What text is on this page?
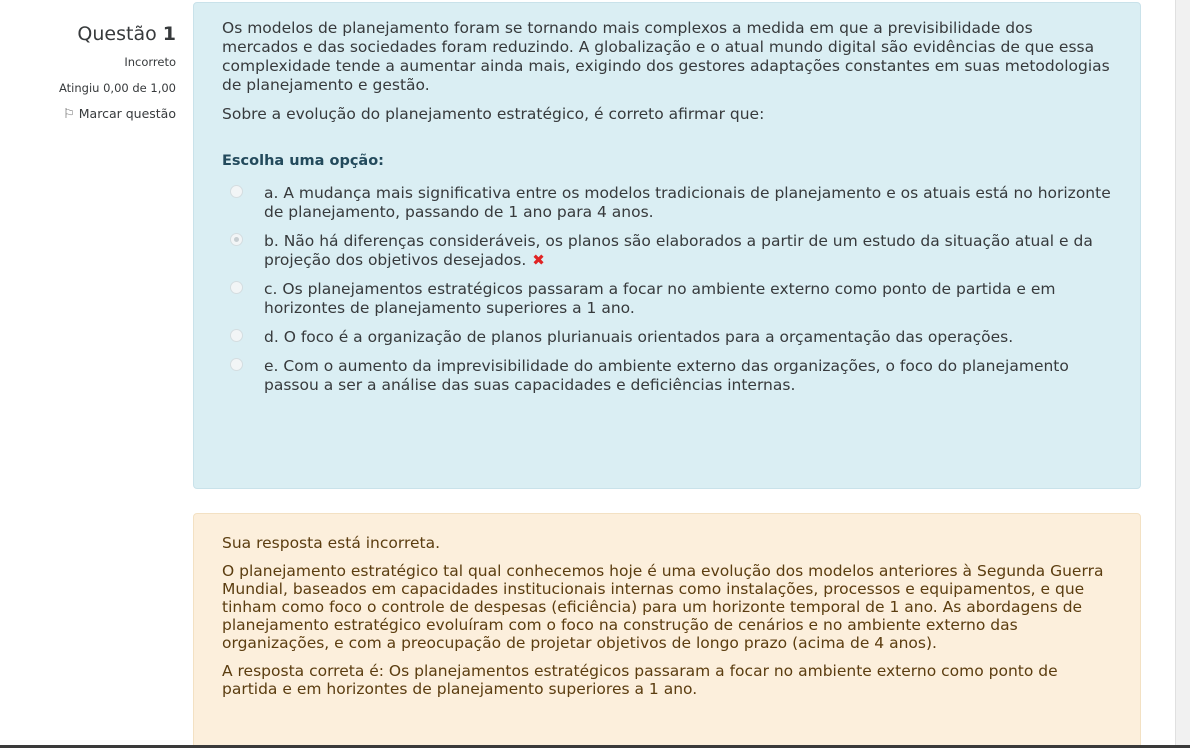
Questão 1
Incorreto
Atingiu 0,00 de 1,00
⚐ Marcar questão

Os modelos de planejamento foram se tornando mais complexos a medida em que a previsibilidade dos mercados e das sociedades foram reduzindo. A globalização e o atual mundo digital são evidências de que essa complexidade tende a aumentar ainda mais, exigindo dos gestores adaptações constantes em suas metodologias de planejamento e gestão.

Sobre a evolução do planejamento estratégico, é correto afirmar que:

Escolha uma opção:
a. A mudança mais significativa entre os modelos tradicionais de planejamento e os atuais está no horizonte de planejamento, passando de 1 ano para 4 anos.
b. Não há diferenças consideráveis, os planos são elaborados a partir de um estudo da situação atual e da projeção dos objetivos desejados. ✖
c. Os planejamentos estratégicos passaram a focar no ambiente externo como ponto de partida e em horizontes de planejamento superiores a 1 ano.
d. O foco é a organização de planos plurianuais orientados para a orçamentação das operações.
e. Com o aumento da imprevisibilidade do ambiente externo das organizações, o foco do planejamento passou a ser a análise das suas capacidades e deficiências internas.

Sua resposta está incorreta.

O planejamento estratégico tal qual conhecemos hoje é uma evolução dos modelos anteriores à Segunda Guerra Mundial, baseados em capacidades institucionais internas como instalações, processos e equipamentos, e que tinham como foco o controle de despesas (eficiência) para um horizonte temporal de 1 ano. As abordagens de planejamento estratégico evoluíram com o foco na construção de cenários e no ambiente externo das organizações, e com a preocupação de projetar objetivos de longo prazo (acima de 4 anos).

A resposta correta é: Os planejamentos estratégicos passaram a focar no ambiente externo como ponto de partida e em horizontes de planejamento superiores a 1 ano.
